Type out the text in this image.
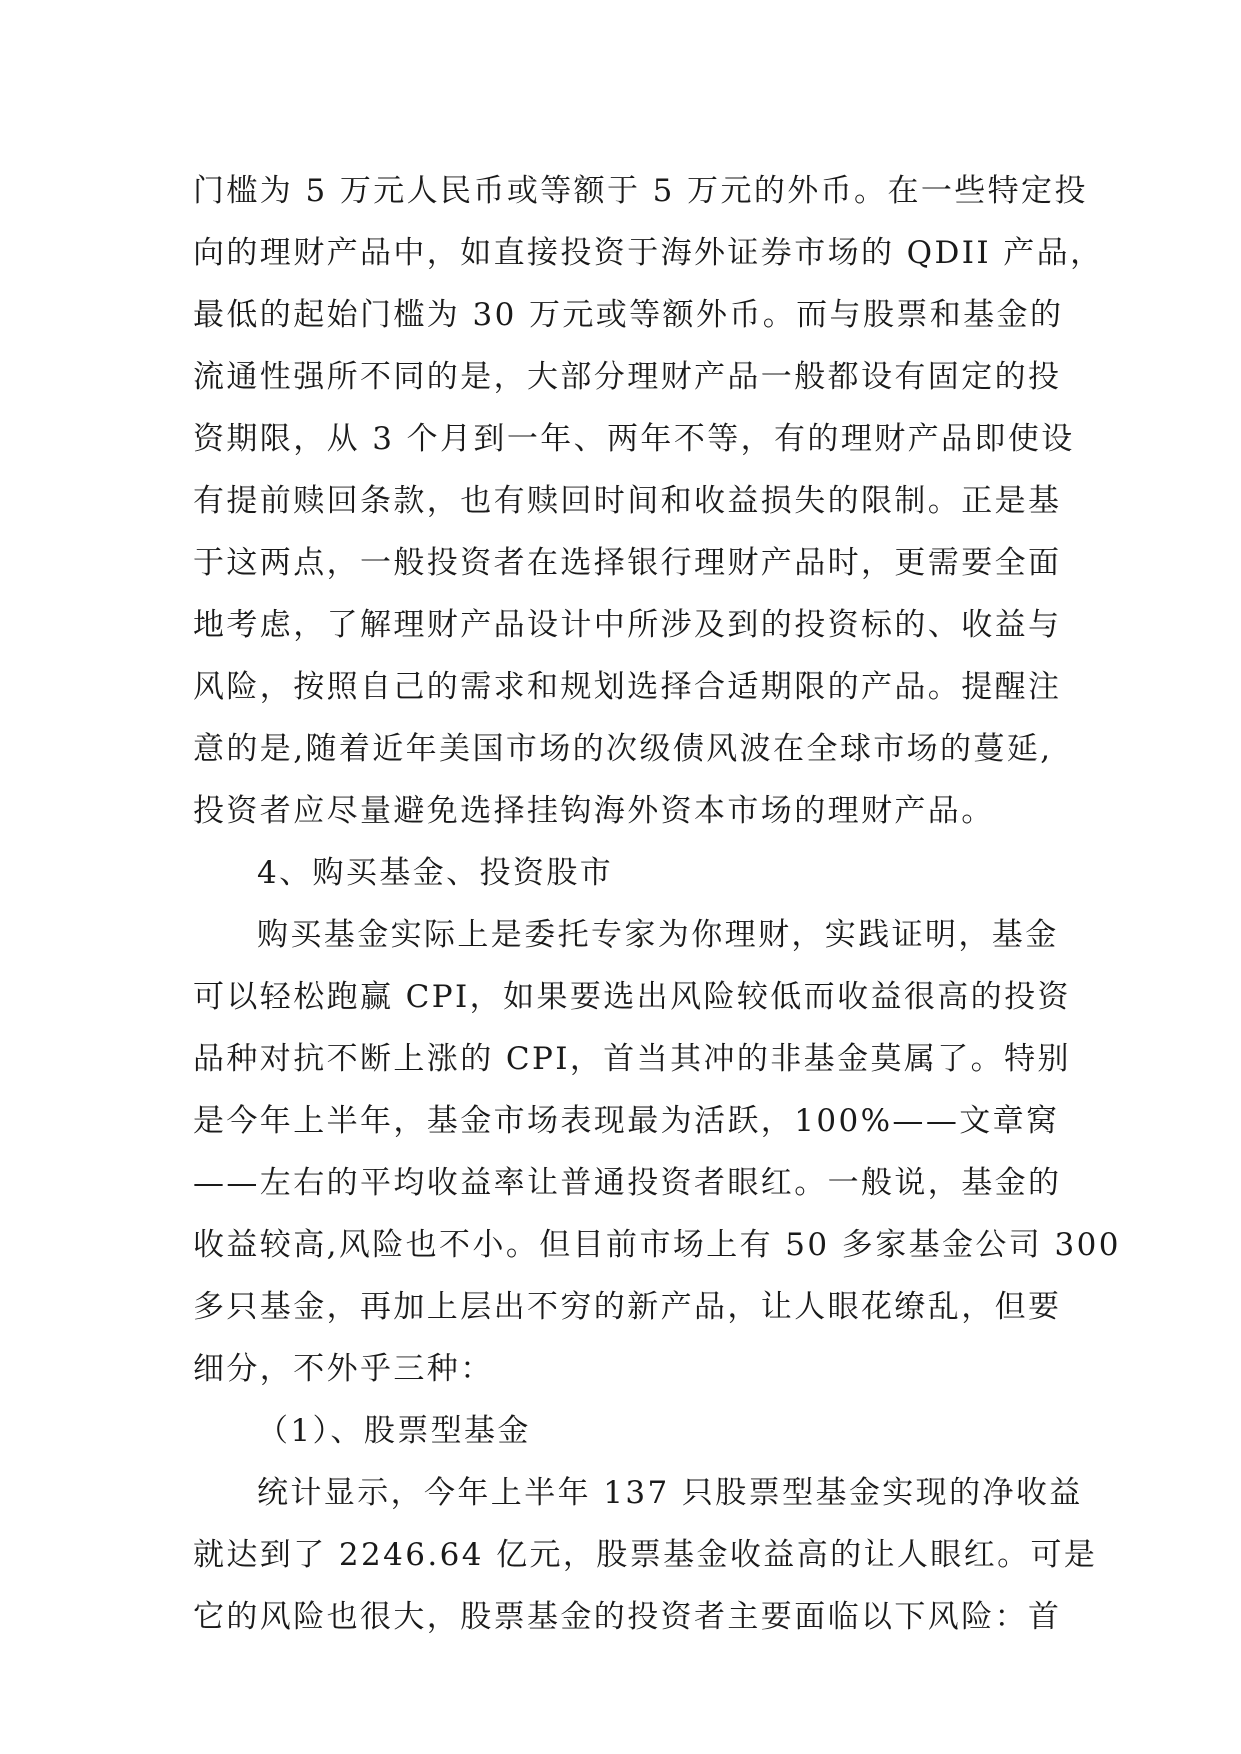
门槛为 5 万元人民币或等额于 5 万元的外币。在一些特定投
向的理财产品中，如直接投资于海外证券市场的 QDII 产品，
最低的起始门槛为 30 万元或等额外币。而与股票和基金的
流通性强所不同的是，大部分理财产品一般都设有固定的投
资期限，从 3 个月到一年、两年不等，有的理财产品即使设
有提前赎回条款，也有赎回时间和收益损失的限制。正是基
于这两点，一般投资者在选择银行理财产品时，更需要全面
地考虑，了解理财产品设计中所涉及到的投资标的、收益与
风险，按照自己的需求和规划选择合适期限的产品。提醒注
意的是,随着近年美国市场的次级债风波在全球市场的蔓延,
投资者应尽量避免选择挂钩海外资本市场的理财产品。
4、购买基金、投资股市
购买基金实际上是委托专家为你理财，实践证明，基金
可以轻松跑赢 CPI，如果要选出风险较低而收益很高的投资
品种对抗不断上涨的 CPI，首当其冲的非基金莫属了。特别
是今年上半年，基金市场表现最为活跃，100%——文章窝
——左右的平均收益率让普通投资者眼红。一般说，基金的
收益较高,风险也不小。但目前市场上有 50 多家基金公司 300
多只基金，再加上层出不穷的新产品，让人眼花缭乱，但要
细分，不外乎三种：
（1）、股票型基金
统计显示，今年上半年 137 只股票型基金实现的净收益
就达到了 2246.64 亿元，股票基金收益高的让人眼红。可是
它的风险也很大，股票基金的投资者主要面临以下风险：首
